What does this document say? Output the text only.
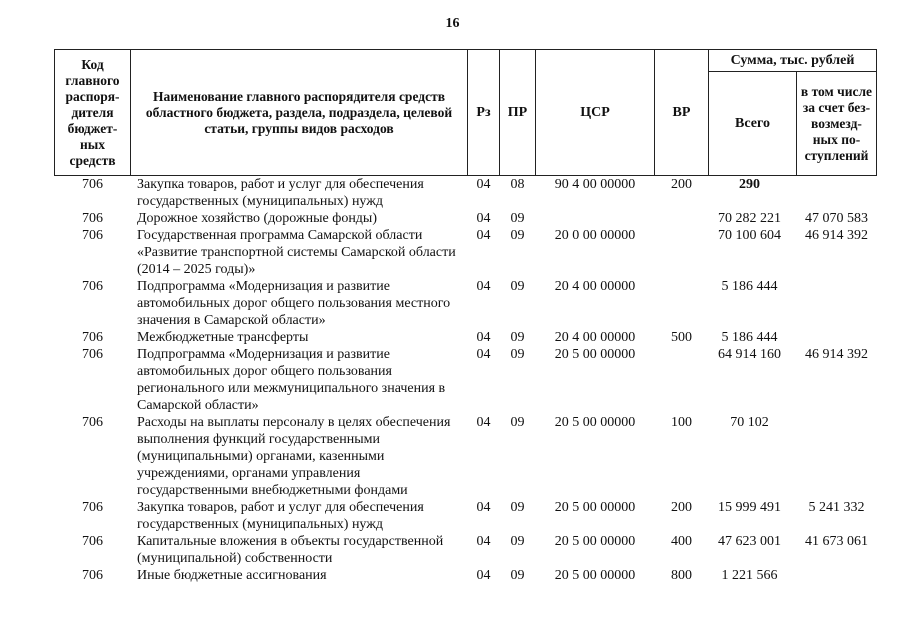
16
Код главного распоря-дителя бюджет-ных средств	Наименование главного распорядителя средств областного бюджета, раздела, подраздела, целевой статьи, группы видов расходов	Рз	ПР	ЦСР	ВР	Сумма, тыс. рублей	
						Всего	в том числе за счет без-возмезд-ных по-ступлений
706	Закупка товаров, работ и услуг для обеспечения государственных (муниципальных) нужд	04	08	90 4 00 00000	200	290	
706	Дорожное хозяйство (дорожные фонды)	04	09			70 282 221	47 070 583
706	Государственная программа Самарской области «Развитие транспортной системы Самарской области (2014 – 2025 годы)»	04	09	20 0 00 00000		70 100 604	46 914 392
706	Подпрограмма «Модернизация и развитие автомобильных дорог общего пользования местного значения в Самарской области»	04	09	20 4 00 00000		5 186 444	
706	Межбюджетные трансферты	04	09	20 4 00 00000	500	5 186 444	
706	Подпрограмма «Модернизация и развитие автомобильных дорог общего пользования регионального или межмуниципального значения в Самарской области»	04	09	20 5 00 00000		64 914 160	46 914 392
706	Расходы на выплаты персоналу в целях обеспечения выполнения функций государственными (муниципальными) органами, казенными учреждениями, органами управления государственными внебюджетными фондами	04	09	20 5 00 00000	100	70 102	
706	Закупка товаров, работ и услуг для обеспечения государственных (муниципальных) нужд	04	09	20 5 00 00000	200	15 999 491	5 241 332
706	Капитальные вложения в объекты государственной (муниципальной) собственности	04	09	20 5 00 00000	400	47 623 001	41 673 061
706	Иные бюджетные ассигнования	04	09	20 5 00 00000	800	1 221 566	
